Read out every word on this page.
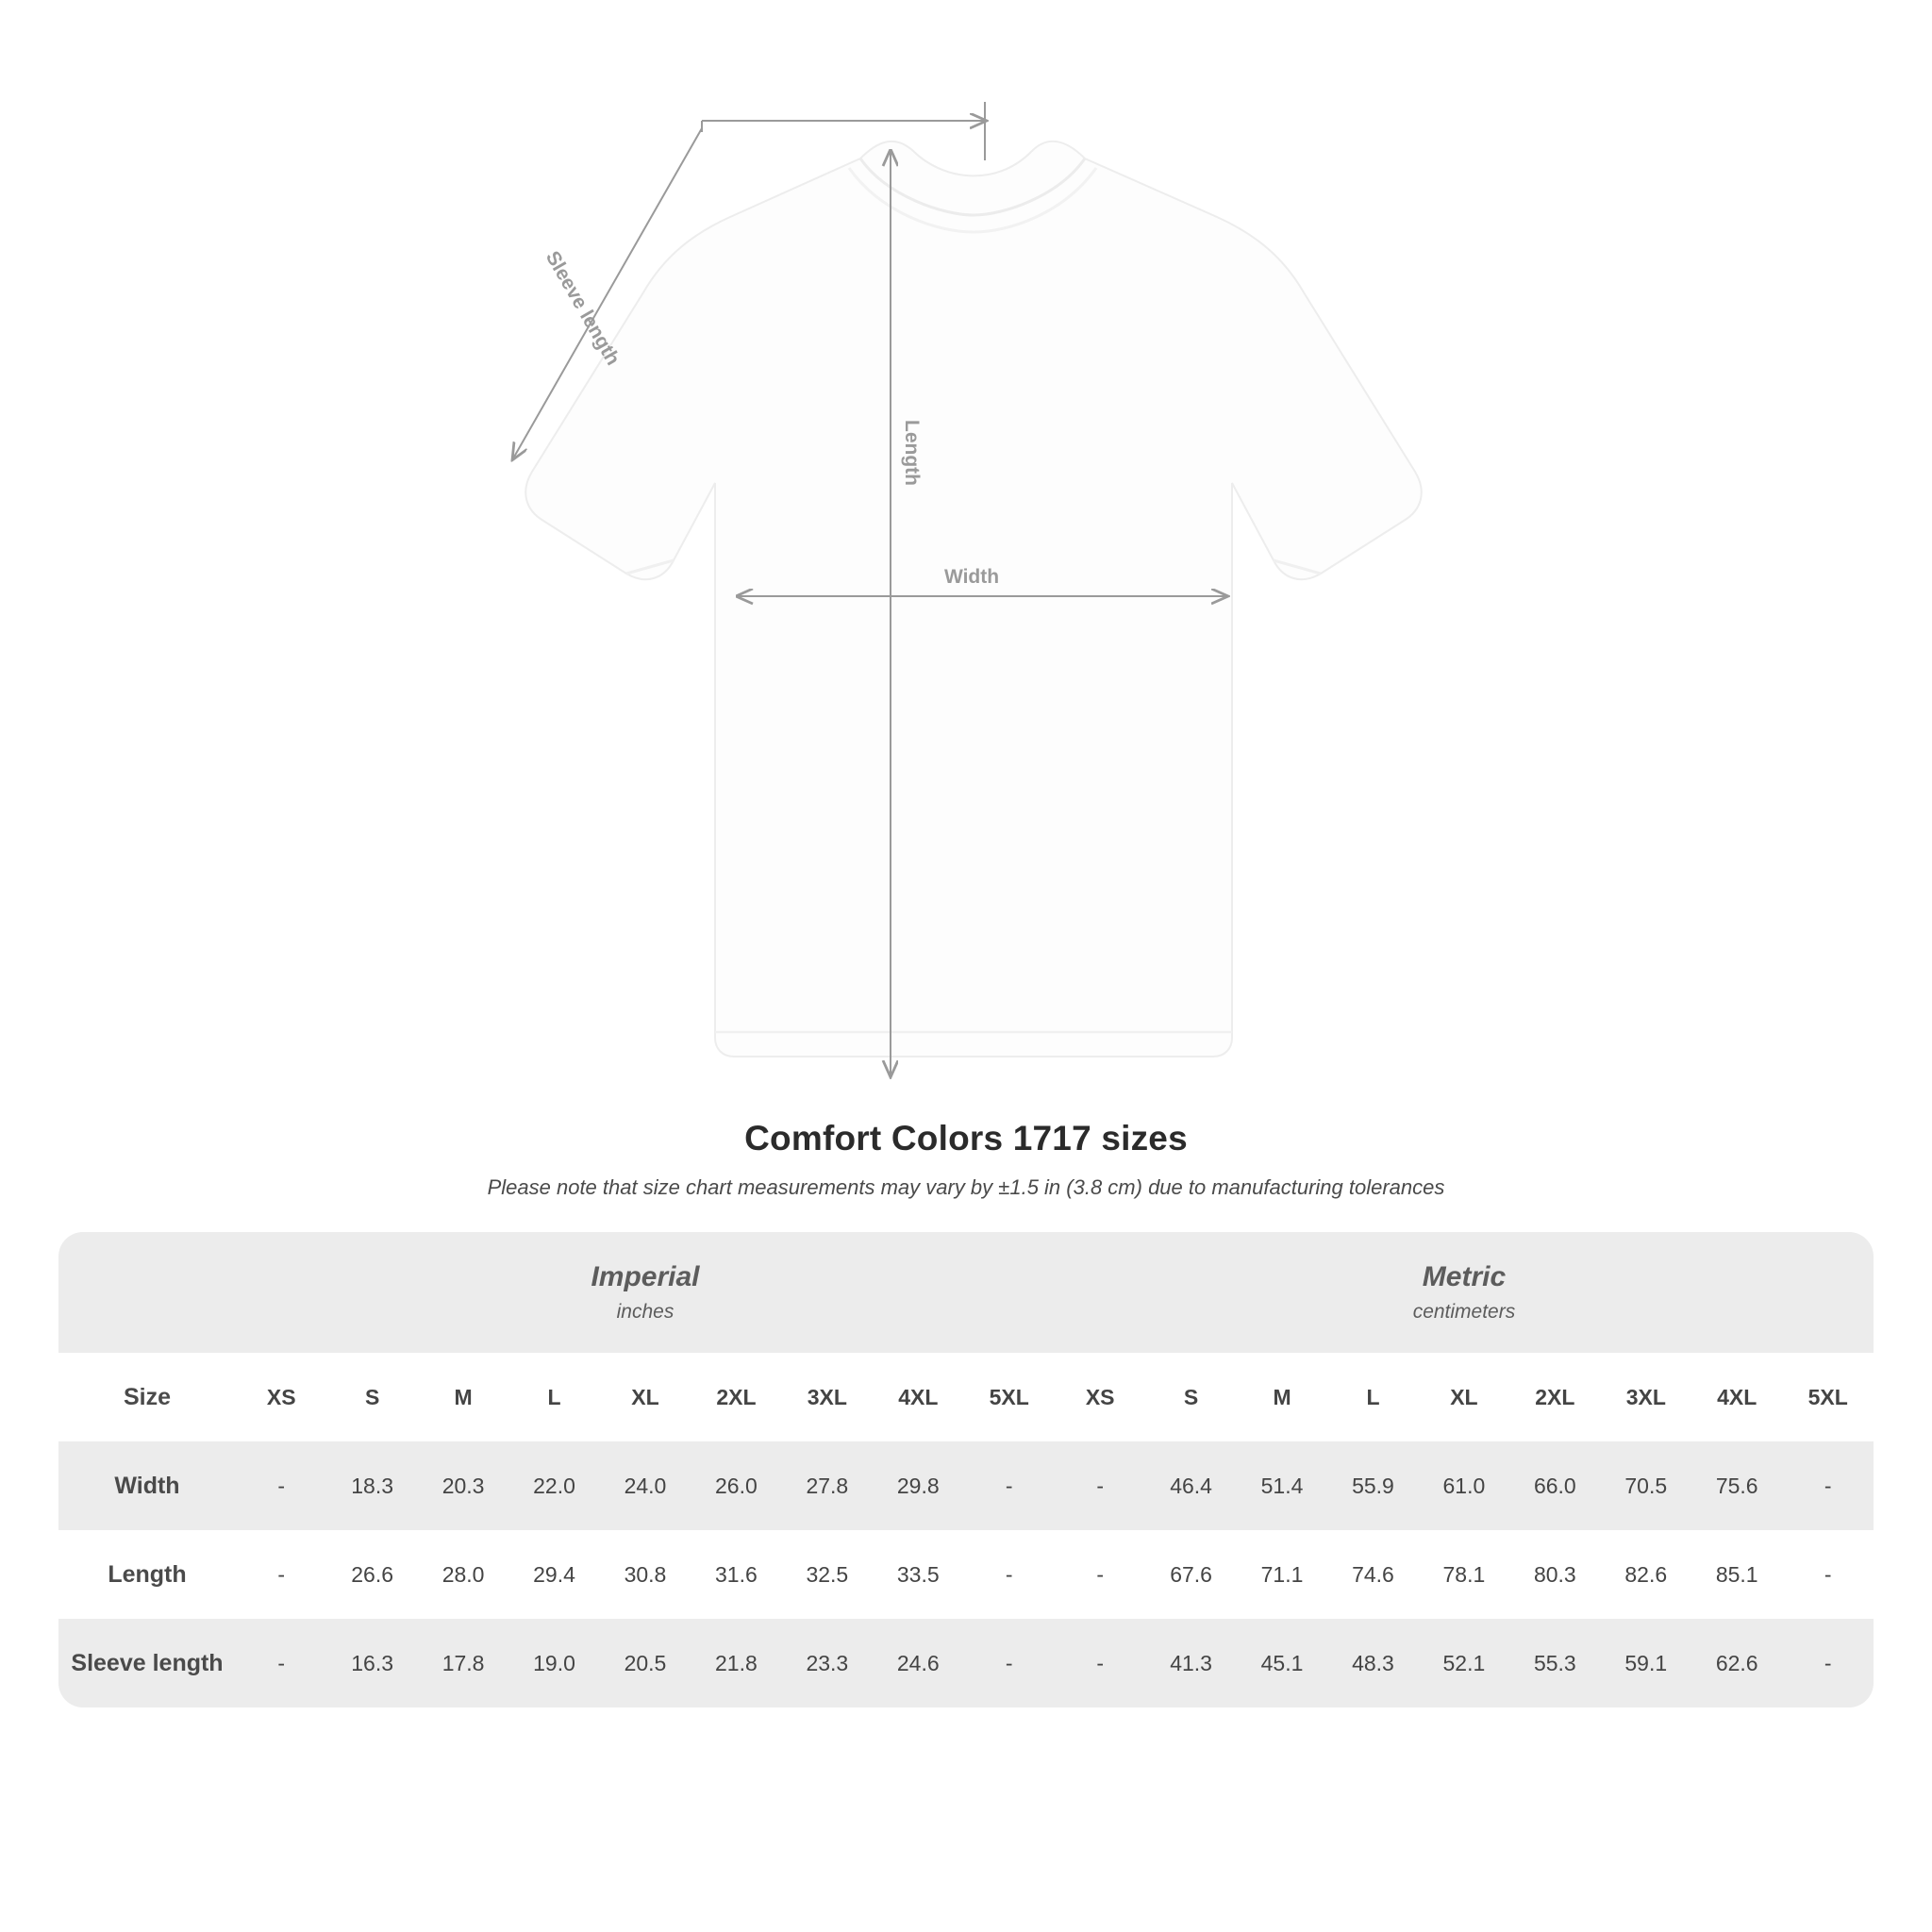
Length
Width
Sleeve length
Comfort Colors 1717 sizes
Please note that size chart measurements may vary by ±1.5 in (3.8 cm) due to manufacturing tolerances

Imperial
inches

Metric
centimeters

Size	XS	S	M	L	XL	2XL	3XL	4XL	5XL	XS	S	M	L	XL	2XL	3XL	4XL	5XL
Width	-	18.3	20.3	22.0	24.0	26.0	27.8	29.8	-	-	46.4	51.4	55.9	61.0	66.0	70.5	75.6	-
Length	-	26.6	28.0	29.4	30.8	31.6	32.5	33.5	-	-	67.6	71.1	74.6	78.1	80.3	82.6	85.1	-
Sleeve length	-	16.3	17.8	19.0	20.5	21.8	23.3	24.6	-	-	41.3	45.1	48.3	52.1	55.3	59.1	62.6	-
